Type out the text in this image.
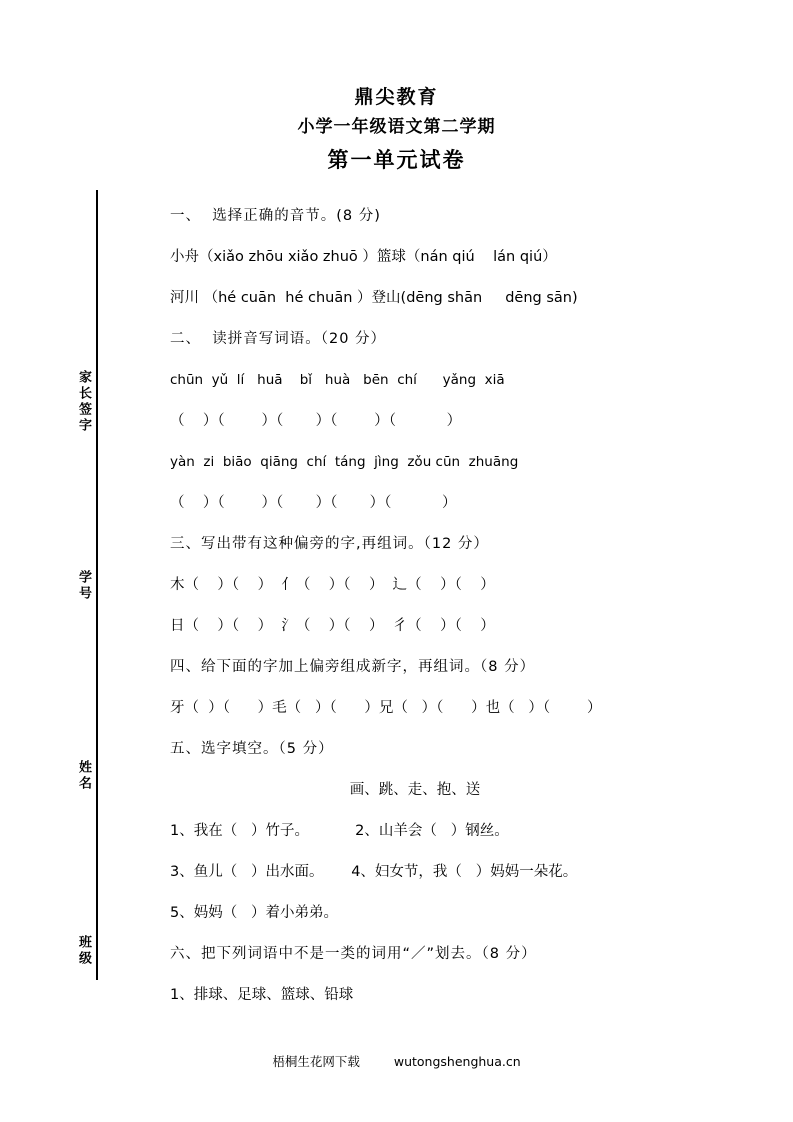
家长签字
学号
姓名
班级
鼎尖教育
小学一年级语文第二学期
第一单元试卷
一、  选择正确的音节。(8 分)
小舟（xiǎo zhōu xiǎo zhuō ）篮球（nán qiú    lán qiú）
河川 （hé cuān  hé chuān ）登山(dēng shān     dēng sān)
二、  读拼音写词语。（20 分）
chūn  yǔ  lí   huā    bǐ   huà   bēn  chí      yǎng  xiā
（    ）（        ）（       ）（        ）（           ）
yàn  zi  biāo  qiāng  chí  táng  jìng  zǒu cūn  zhuāng
（    ）（        ）（       ）（       ）（           ）
三、写出带有这种偏旁的字,再组词。（12 分）
木（    ）（    ）  亻（    ）（    ）  辶（    ）（    ）
日（    ）（    ）  氵（    ）（    ）  彳（    ）（    ）
四、给下面的字加上偏旁组成新字，再组词。（8 分）
牙（  ）（      ）毛（   ）（      ）兄（   ）（      ）也（   ）（        ）
五、选字填空。（5 分）
画、跳、走、抱、送
1、我在（   ）竹子。          2、山羊会（   ）钢丝。
3、鱼儿（   ）出水面。      4、妇女节，我（   ）妈妈一朵花。
5、妈妈（   ）着小弟弟。
六、把下列词语中不是一类的词用“／”划去。（8 分）
1、排球、足球、篮球、铅球
梧桐生花网下载	wutongshenghua.cn
